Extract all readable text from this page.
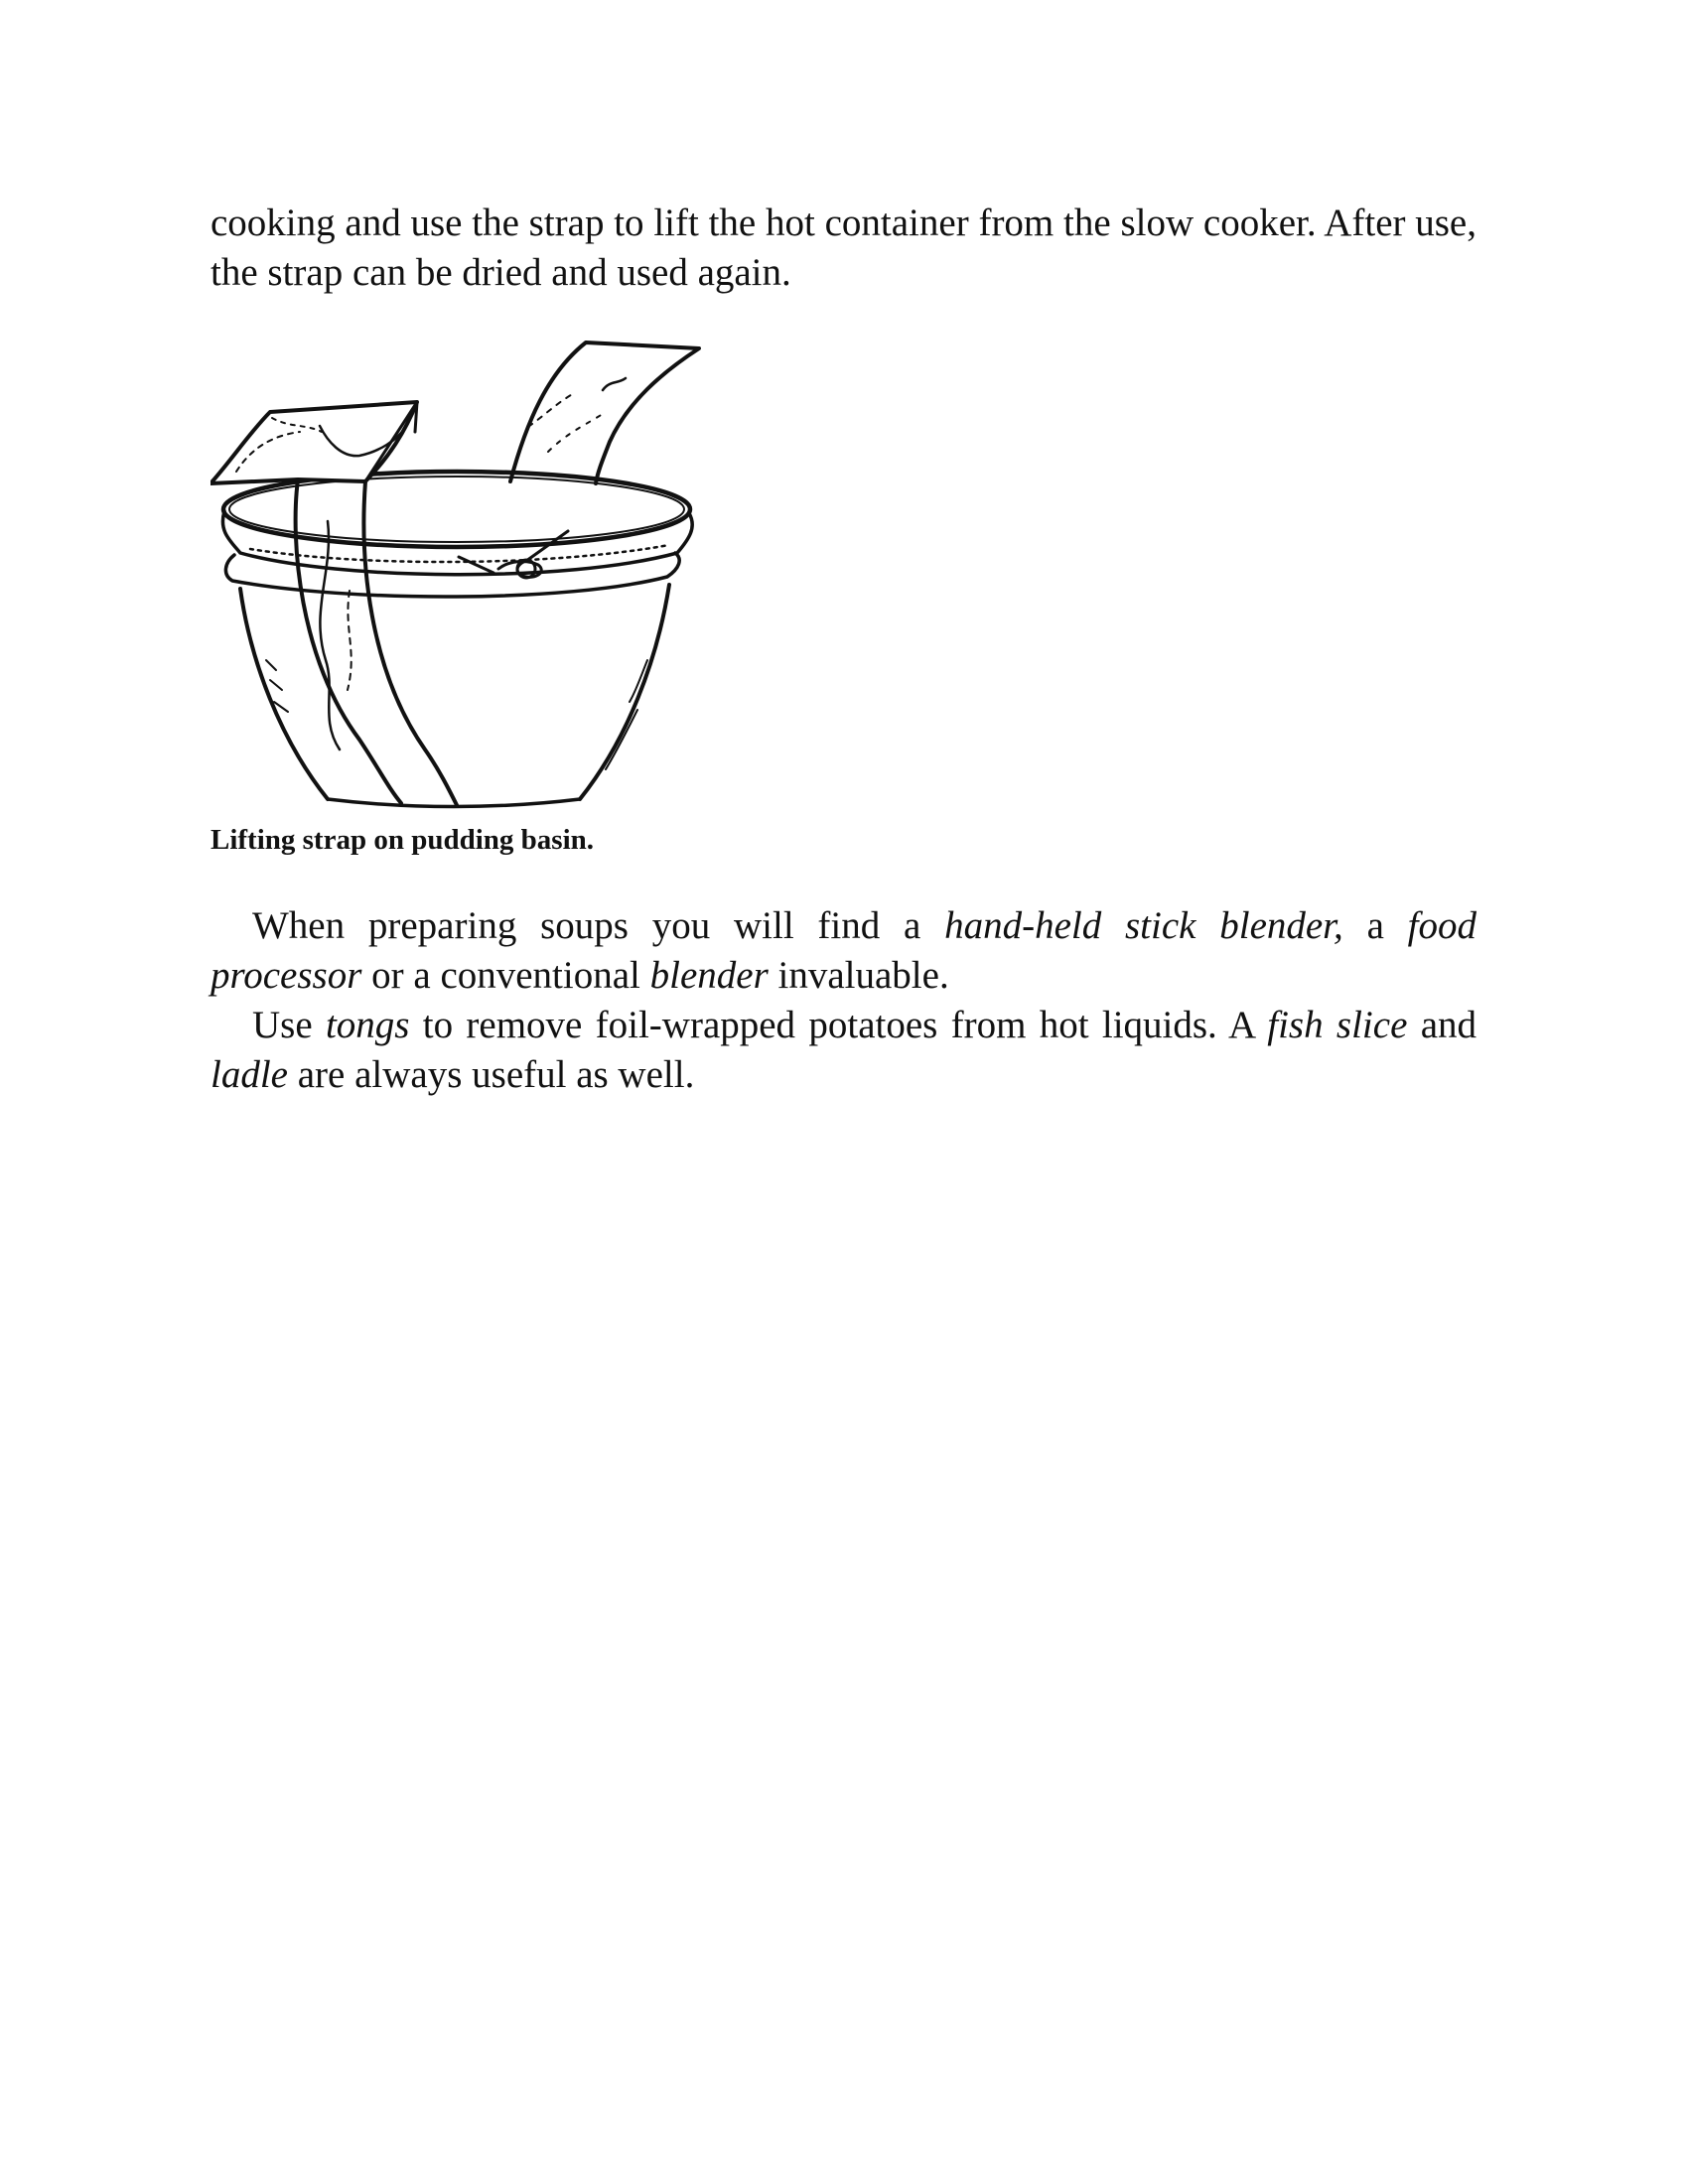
cooking and use the strap to lift the hot container from the slow cooker. After use, the strap can be dried and used again.

Lifting strap on pudding basin.

When preparing soups you will find a hand-held stick blender, a food processor or a conventional blender invaluable.

Use tongs to remove foil-wrapped potatoes from hot liquids. A fish slice and ladle are always useful as well.
